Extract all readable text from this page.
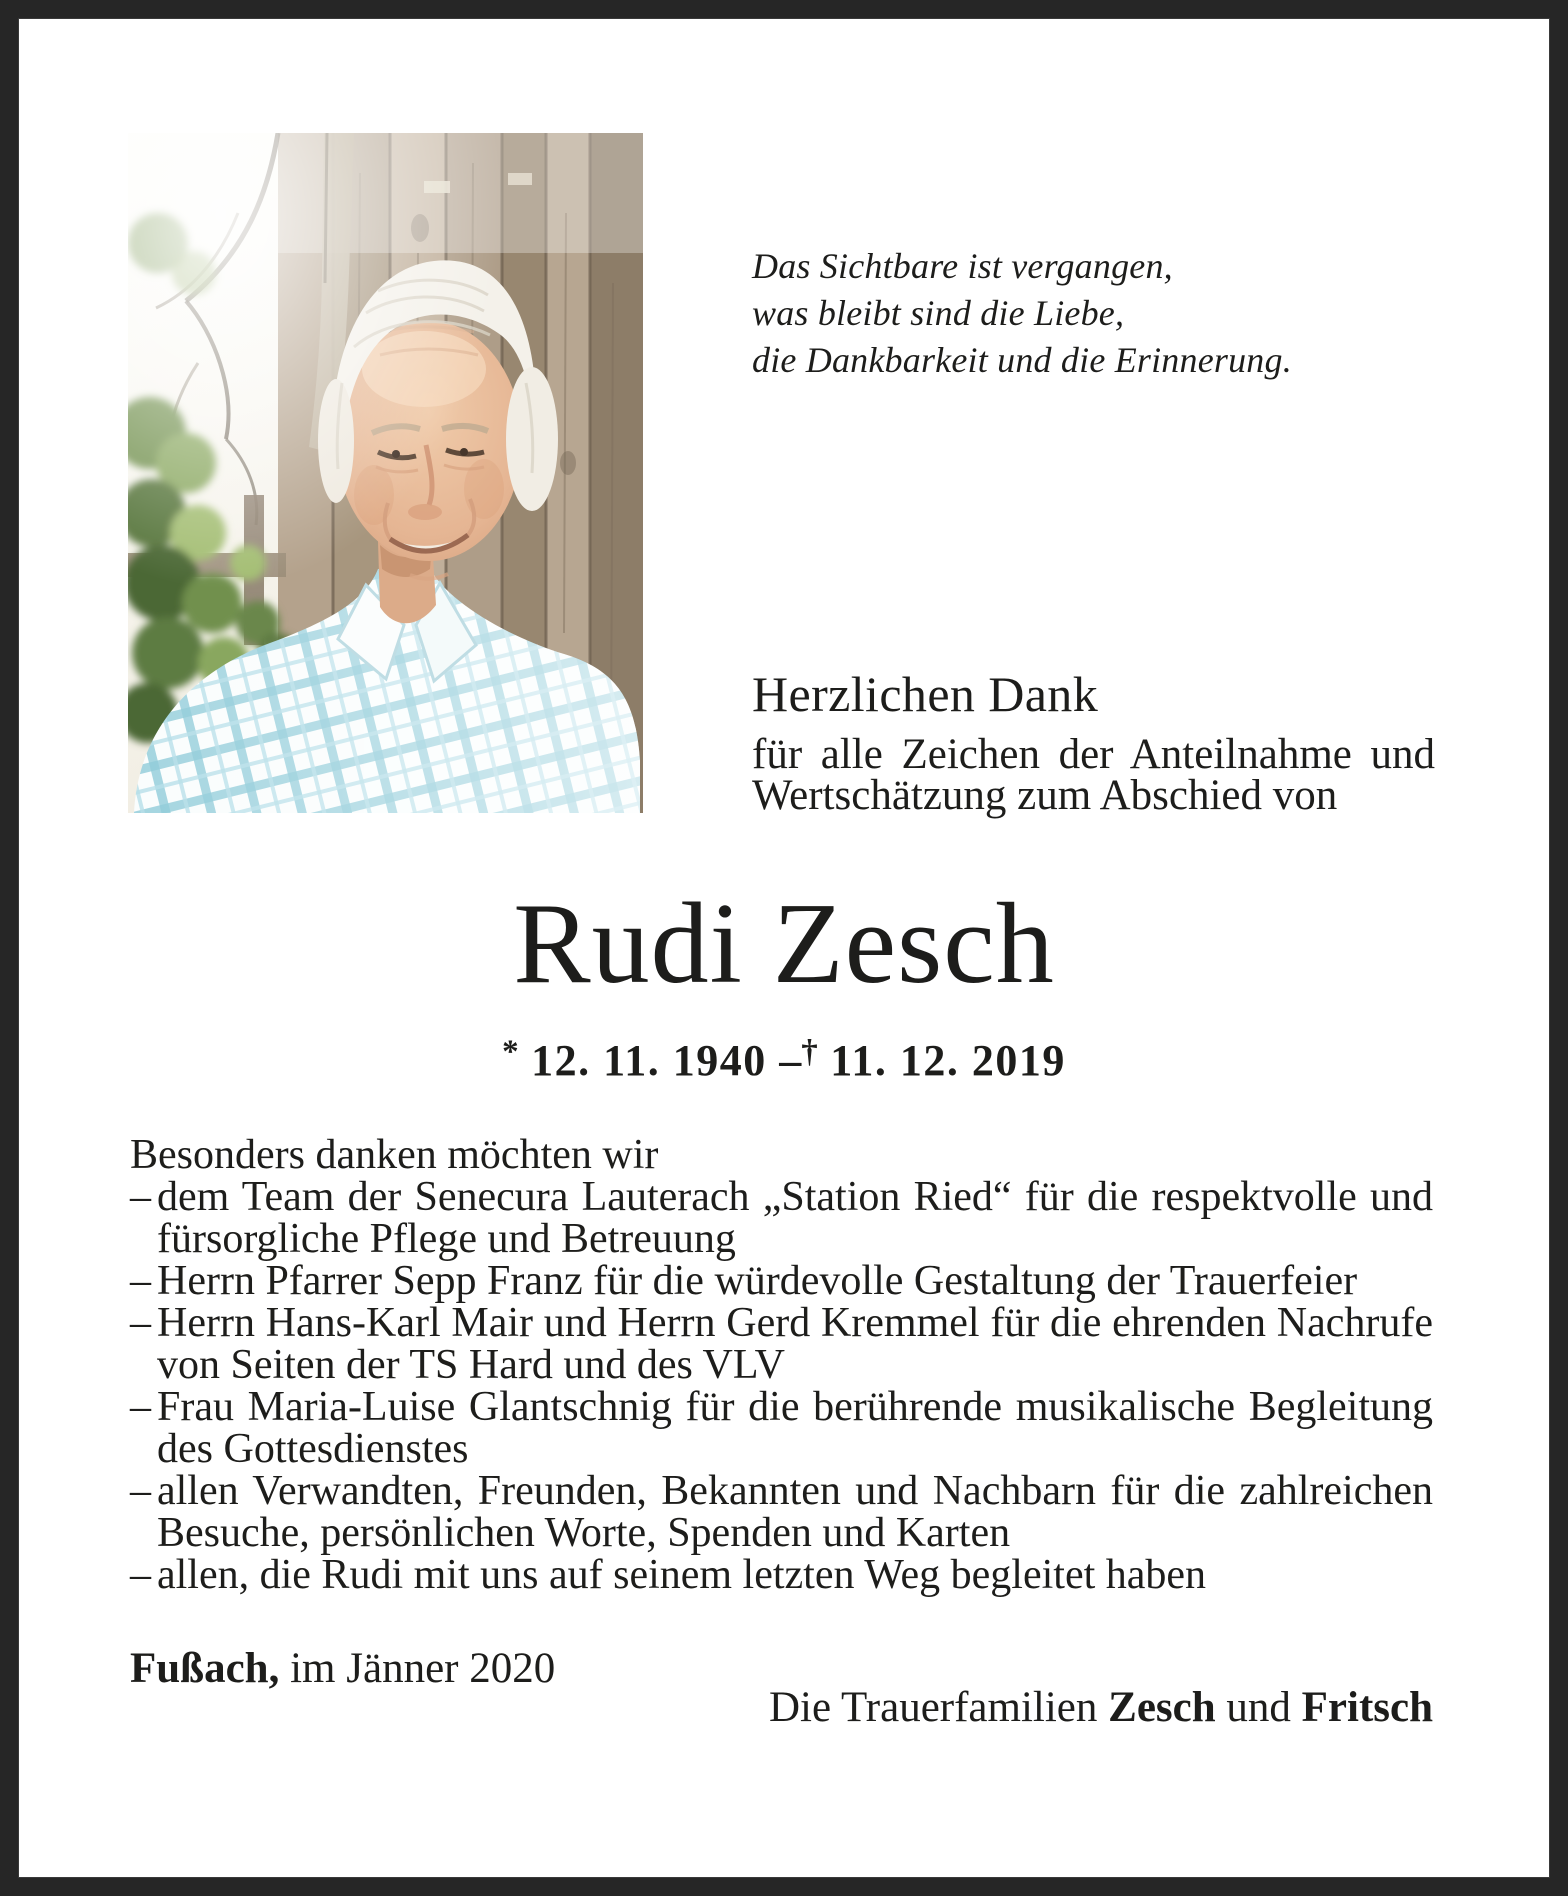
Das Sichtbare ist vergangen,
was bleibt sind die Liebe,
die Dankbarkeit und die Erinnerung.
Herzlichen Dank

für alle Zeichen der Anteilnahme und Wertschätzung zum Abschied von

Rudi Zesch
* 12. 11. 1940 –† 11. 12. 2019
Besonders danken möchten wir
– dem Team der Senecura Lauterach „Station Ried“ für die respektvolle und fürsorgliche Pflege und Betreuung
– Herrn Pfarrer Sepp Franz für die würdevolle Gestaltung der Trauerfeier
– Herrn Hans-Karl Mair und Herrn Gerd Kremmel für die ehrenden Nachrufe von Seiten der TS Hard und des VLV
– Frau Maria-Luise Glantschnig für die berührende musikalische Begleitung des Gottesdienstes
– allen Verwandten, Freunden, Bekannten und Nachbarn für die zahlreichen Besuche, persönlichen Worte, Spenden und Karten
– allen, die Rudi mit uns auf seinem letzten Weg begleitet haben
Fußach, im Jänner 2020
Die Trauerfamilien Zesch und Fritsch
